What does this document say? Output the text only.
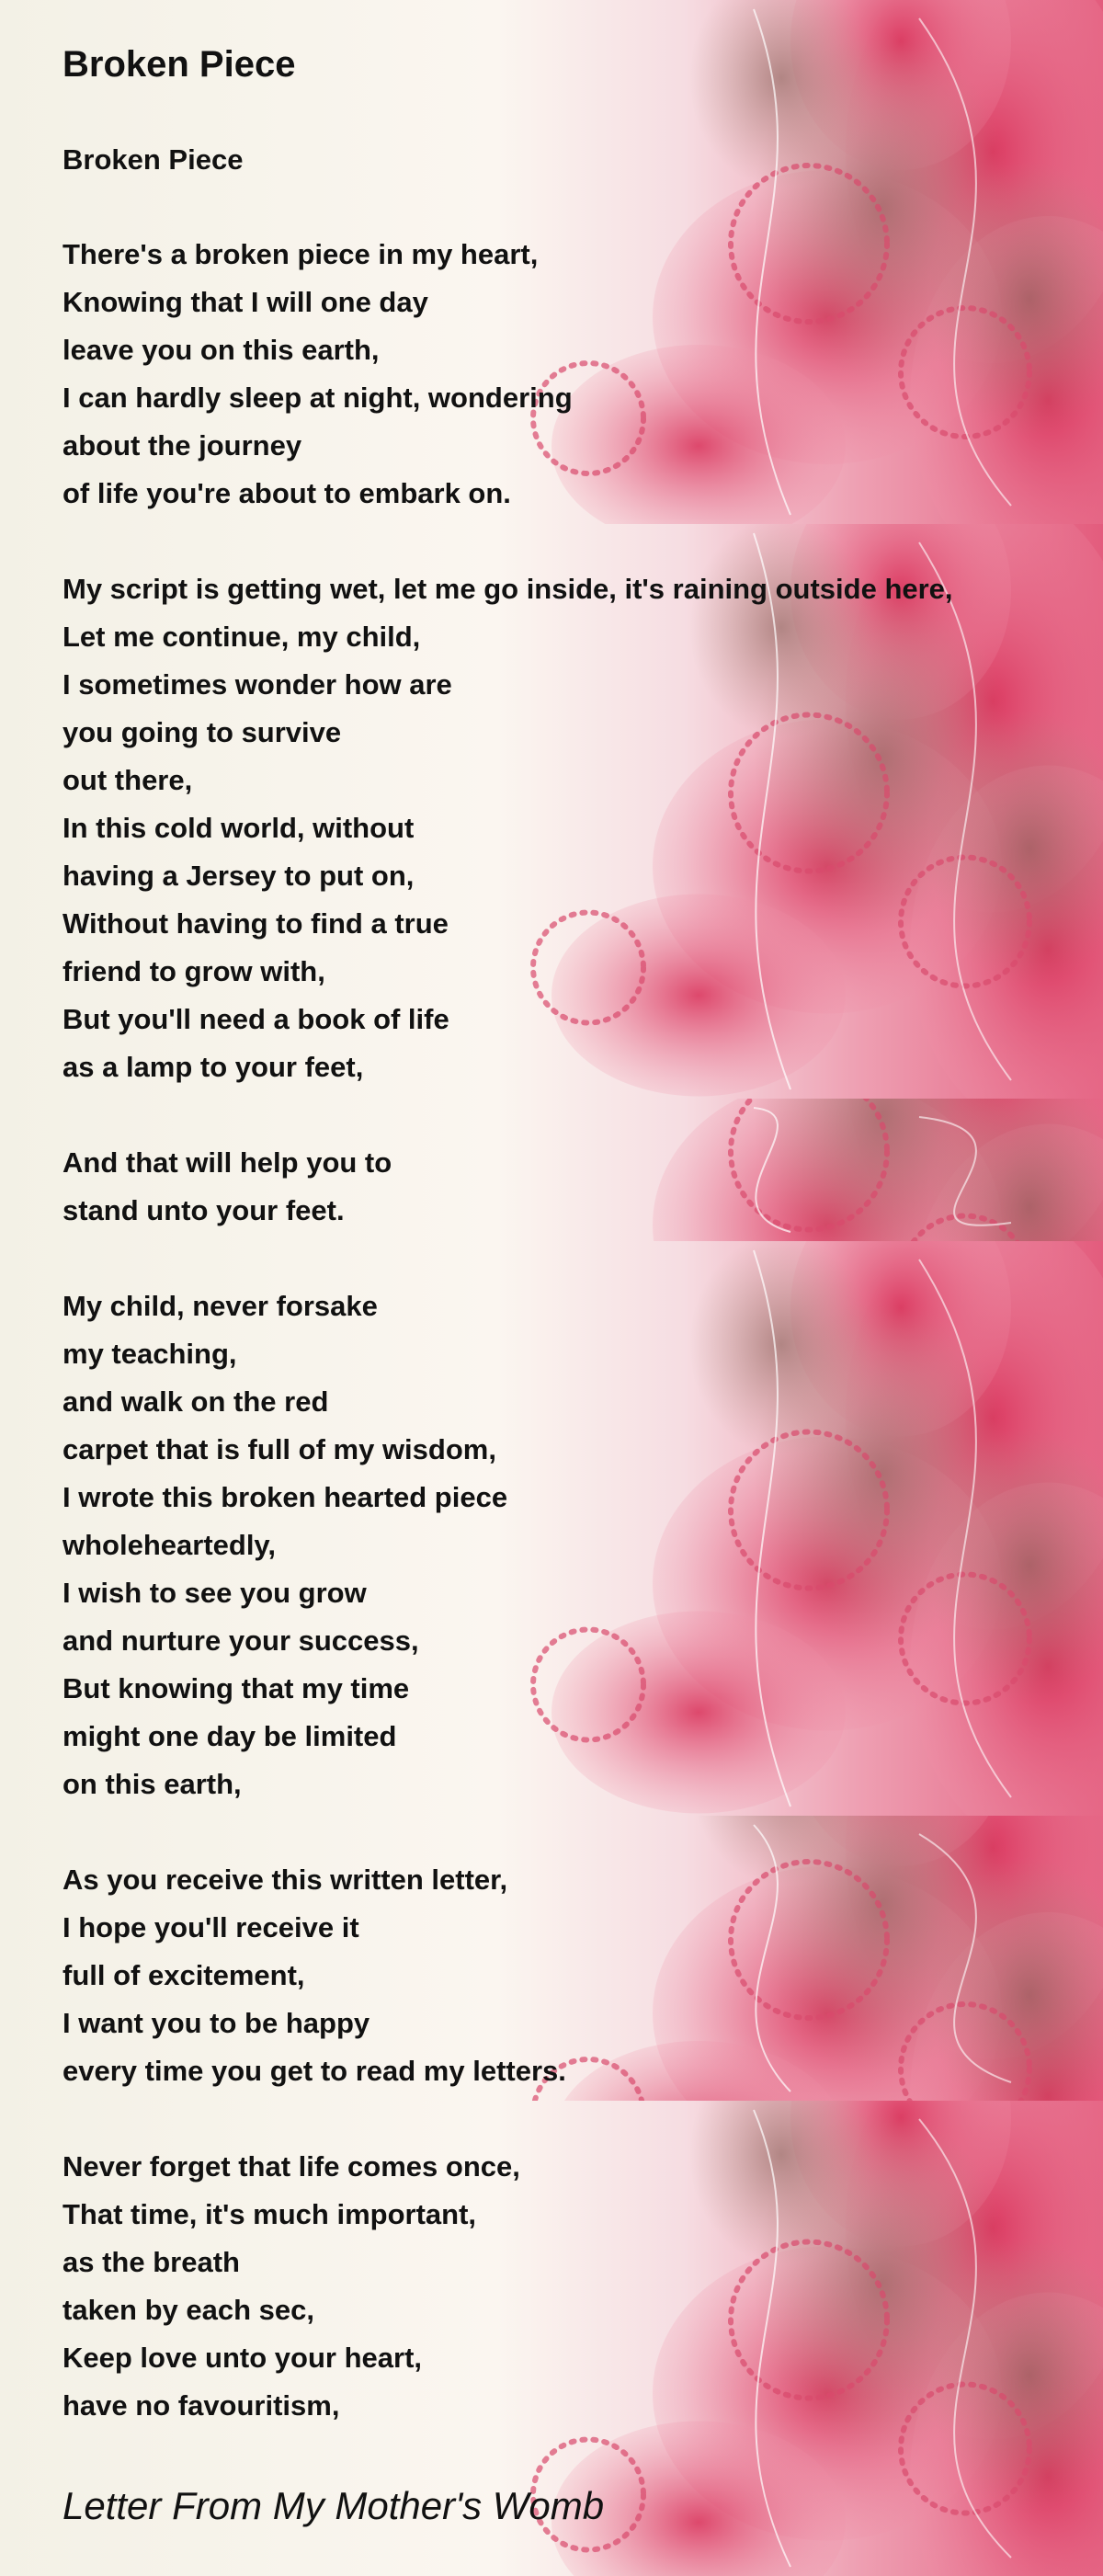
Broken Piece
Broken Piece

There's a broken piece in my heart,

Knowing that I will one day

leave you on this earth,

I can hardly sleep at night, wondering

about the journey

of life you're about to embark on.

My script is getting wet, let me go inside, it's raining outside here,

Let me continue, my child,

I sometimes wonder how are

you going to survive

out there,

In this cold world, without

having a Jersey to put on,

Without having to find a true

friend to grow with,

But you'll need a book of life

as a lamp to your feet,

And that will help you to

stand unto your feet.

My child, never forsake

my teaching,

and walk on the red

carpet that is full of my wisdom,

I wrote this broken hearted piece

wholeheartedly,

I wish to see you grow

and nurture your success,

But knowing that my time

might one day be limited

on this earth,

As you receive this written letter,

I hope you'll receive it

full of excitement,

I want you to be happy

every time you get to read my letters.

Never forget that life comes once,

That time, it's much important,

as the breath

taken by each sec,

Keep love unto your heart,

have no favouritism,

Letter From My Mother's Womb
